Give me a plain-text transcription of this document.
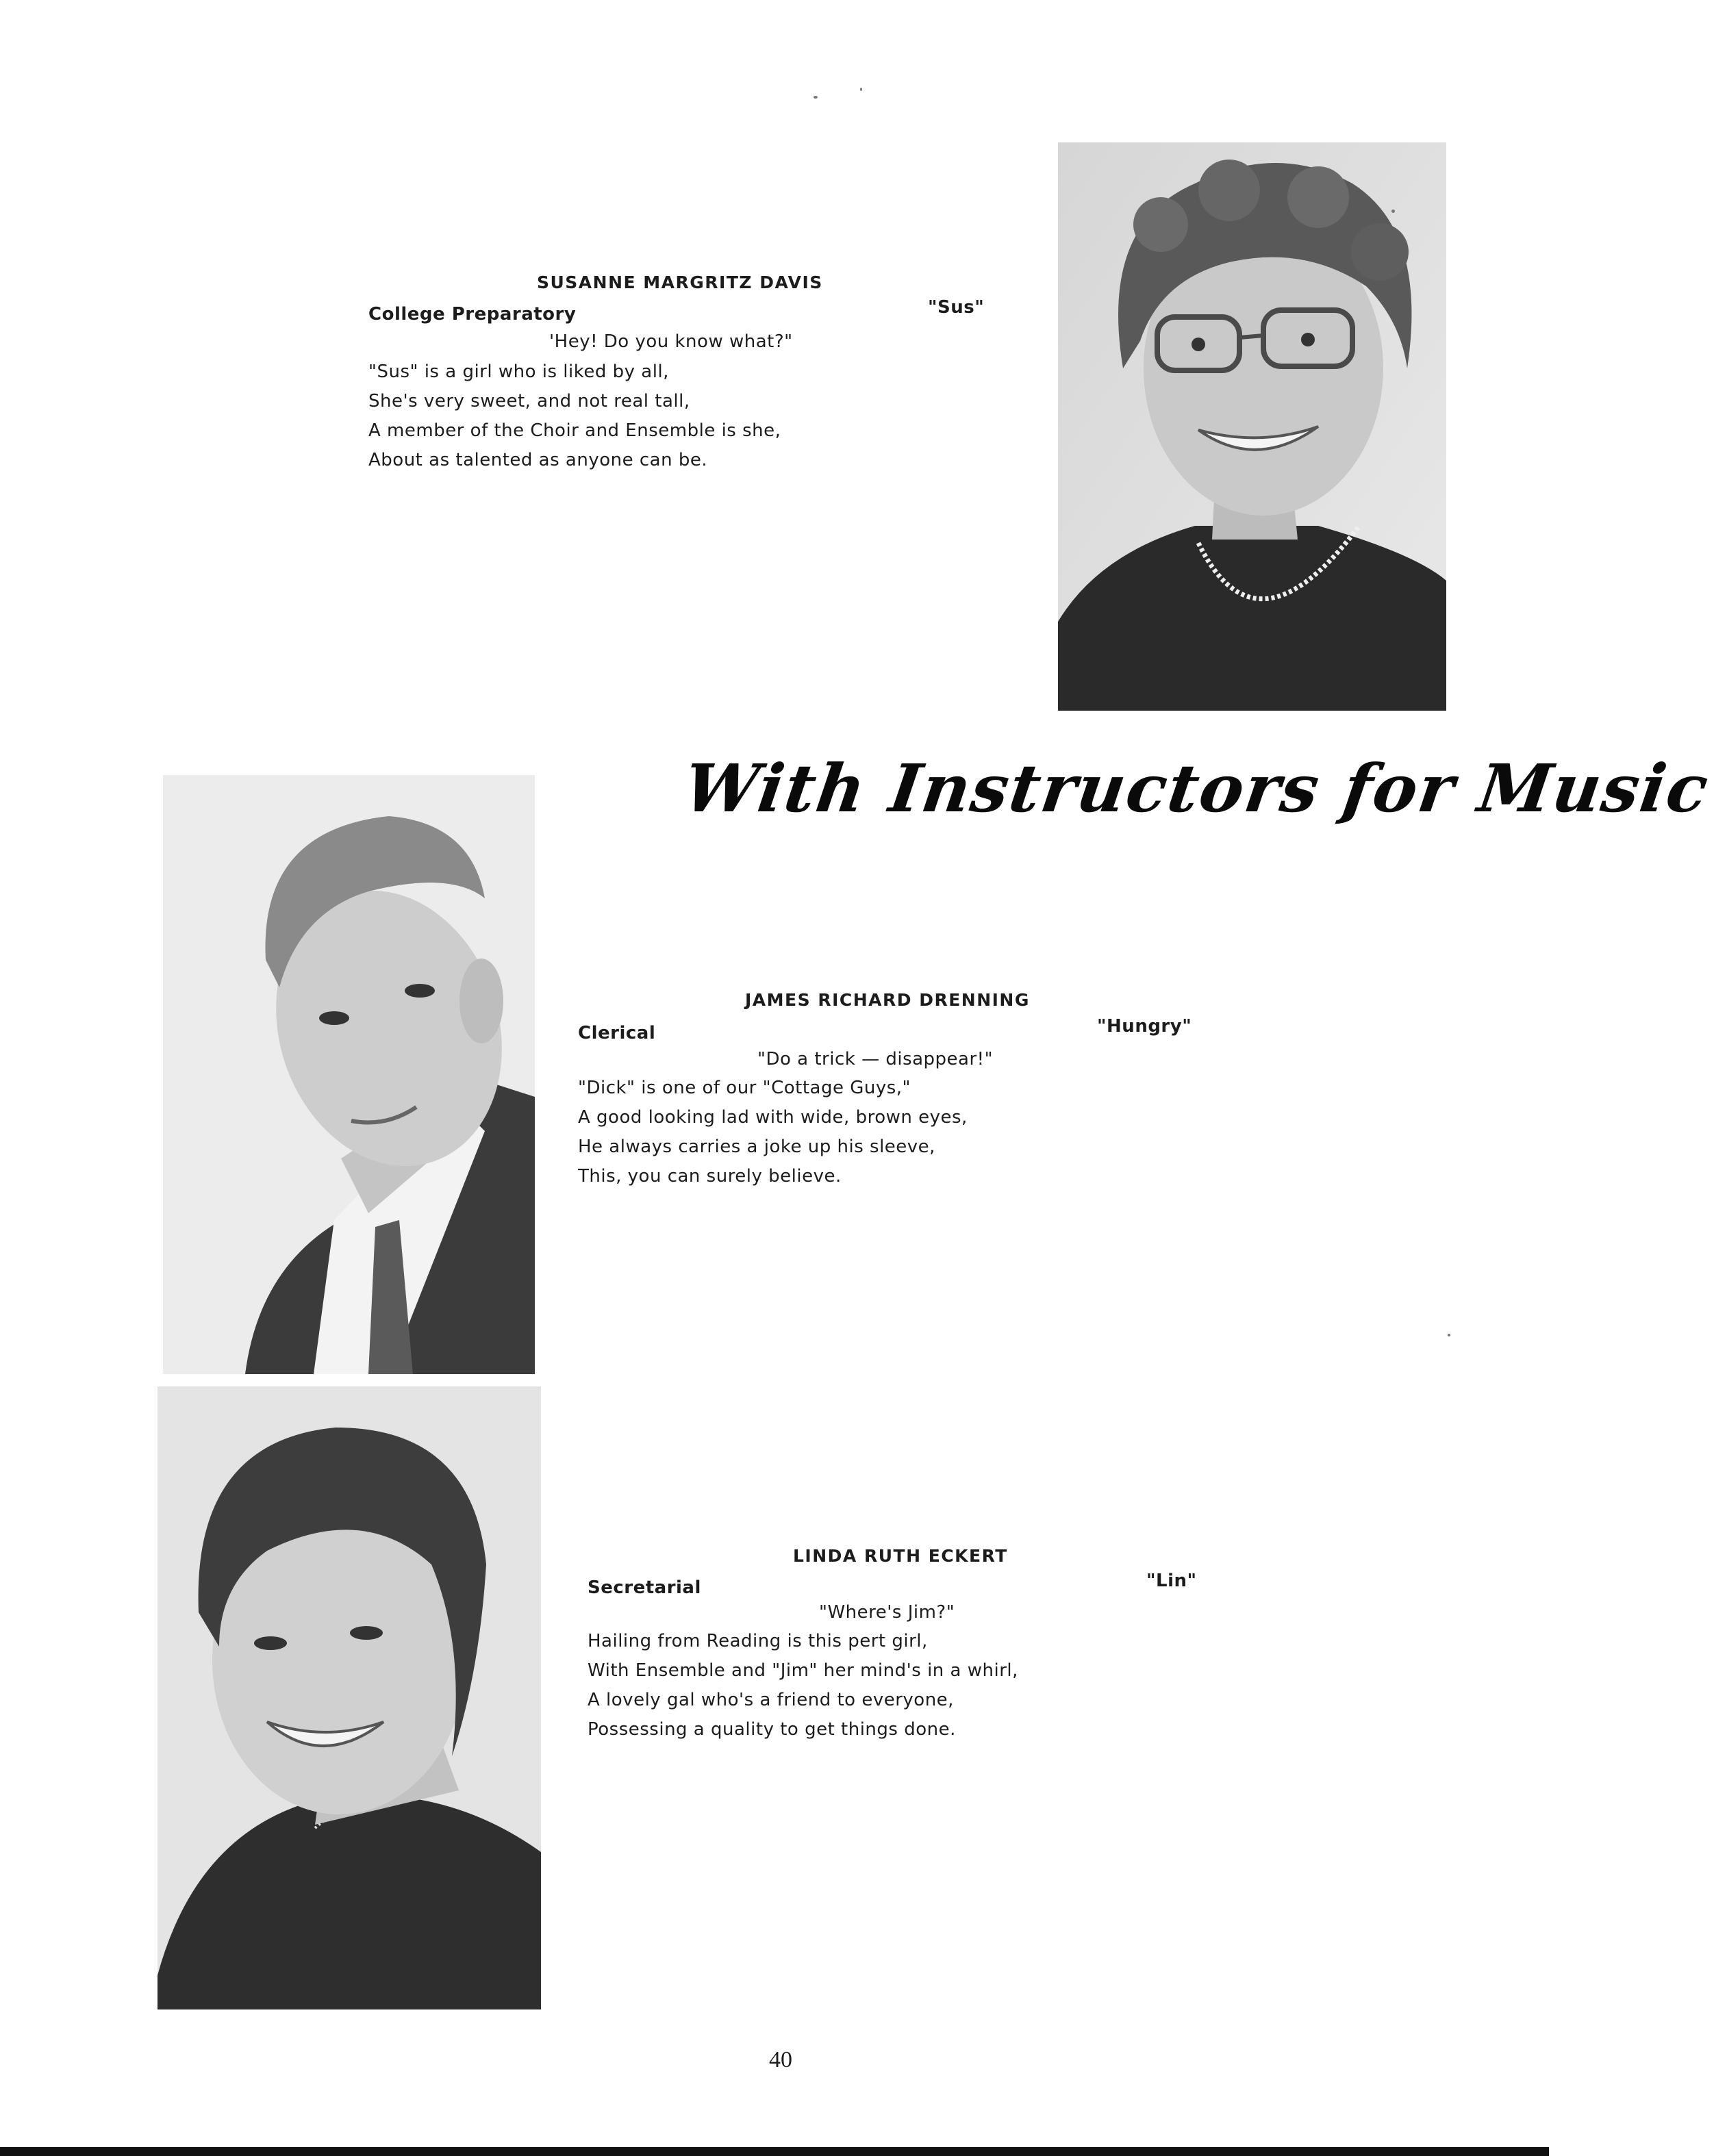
SUSANNE MARGRITZ DAVIS
College Preparatory	"Sus"
'Hey! Do you know what?"
"Sus" is a girl who is liked by all,
She's very sweet, and not real tall,
A member of the Choir and Ensemble is she,
About as talented as anyone can be.
With Instructors for Music
JAMES RICHARD DRENNING
Clerical	"Hungry"
"Do a trick — disappear!"
"Dick" is one of our "Cottage Guys,"
A good looking lad with wide, brown eyes,
He always carries a joke up his sleeve,
This, you can surely believe.
LINDA RUTH ECKERT
Secretarial	"Lin"
"Where's Jim?"
Hailing from Reading is this pert girl,
With Ensemble and "Jim" her mind's in a whirl,
A lovely gal who's a friend to everyone,
Possessing a quality to get things done.
40
